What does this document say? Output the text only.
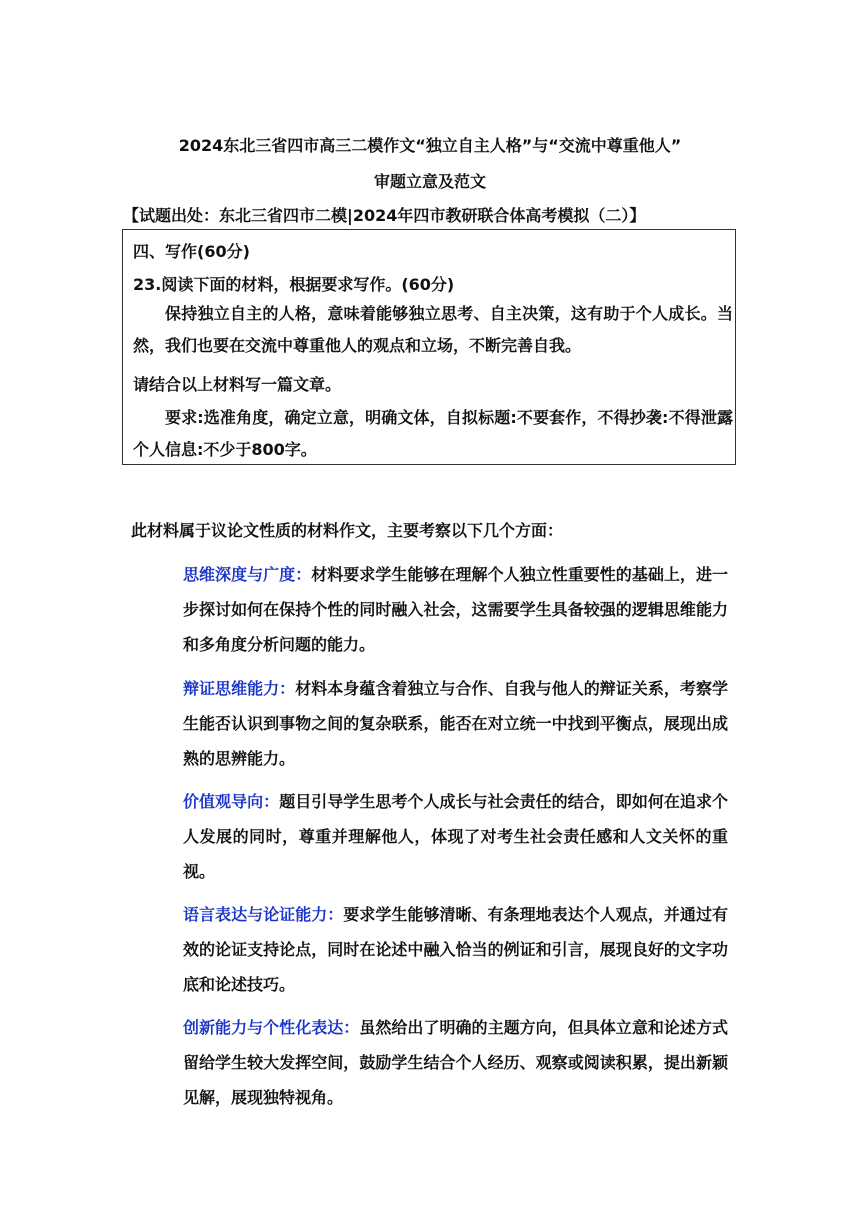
2024东北三省四市高三二模作文“独立自主人格”与“交流中尊重他人”
审题立意及范文

【试题出处：东北三省四市二模|2024年四市教研联合体高考模拟（二）】

四、写作(60分)

23.阅读下面的材料，根据要求写作。(60分)

保持独立自主的人格，意味着能够独立思考、自主决策，这有助于个人成长。当然，我们也要在交流中尊重他人的观点和立场，不断完善自我。

请结合以上材料写一篇文章。

要求:选准角度，确定立意，明确文体，自拟标题:不要套作，不得抄袭:不得泄露个人信息:不少于800字。

此材料属于议论文性质的材料作文，主要考察以下几个方面：

思维深度与广度：材料要求学生能够在理解个人独立性重要性的基础上，进一步探讨如何在保持个性的同时融入社会，这需要学生具备较强的逻辑思维能力和多角度分析问题的能力。

辩证思维能力：材料本身蕴含着独立与合作、自我与他人的辩证关系，考察学生能否认识到事物之间的复杂联系，能否在对立统一中找到平衡点，展现出成熟的思辨能力。

价值观导向：题目引导学生思考个人成长与社会责任的结合，即如何在追求个人发展的同时，尊重并理解他人，体现了对考生社会责任感和人文关怀的重视。

语言表达与论证能力：要求学生能够清晰、有条理地表达个人观点，并通过有效的论证支持论点，同时在论述中融入恰当的例证和引言，展现良好的文字功底和论述技巧。

创新能力与个性化表达：虽然给出了明确的主题方向，但具体立意和论述方式留给学生较大发挥空间，鼓励学生结合个人经历、观察或阅读积累，提出新颖见解，展现独特视角。
